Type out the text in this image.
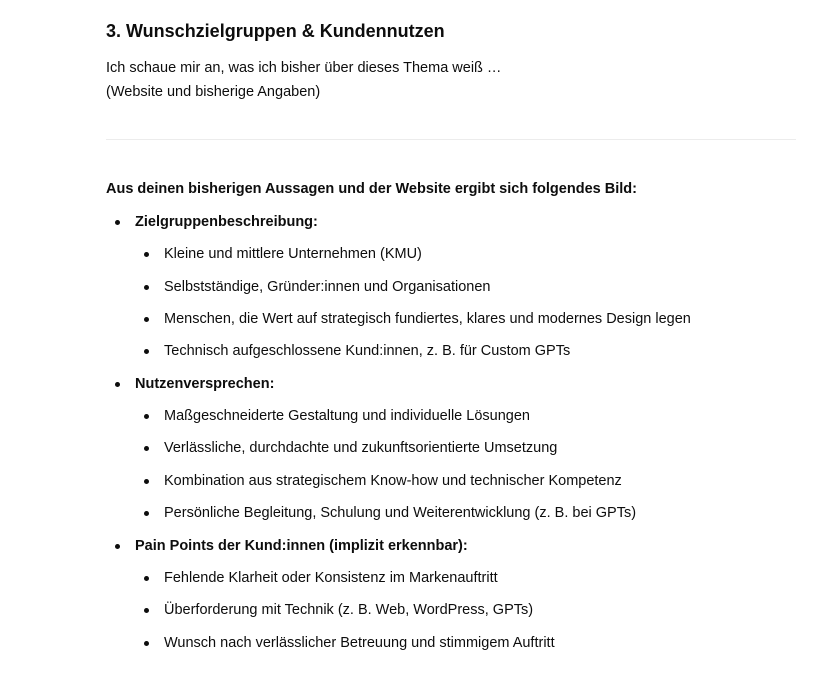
3. Wunschzielgruppen & Kundennutzen
Ich schaue mir an, was ich bisher über dieses Thema weiß …
(Website und bisherige Angaben)
Aus deinen bisherigen Aussagen und der Website ergibt sich folgendes Bild:
Zielgruppenbeschreibung:
Kleine und mittlere Unternehmen (KMU)
Selbstständige, Gründer:innen und Organisationen
Menschen, die Wert auf strategisch fundiertes, klares und modernes Design legen
Technisch aufgeschlossene Kund:innen, z. B. für Custom GPTs
Nutzenversprechen:
Maßgeschneiderte Gestaltung und individuelle Lösungen
Verlässliche, durchdachte und zukunftsorientierte Umsetzung
Kombination aus strategischem Know-how und technischer Kompetenz
Persönliche Begleitung, Schulung und Weiterentwicklung (z. B. bei GPTs)
Pain Points der Kund:innen (implizit erkennbar):
Fehlende Klarheit oder Konsistenz im Markenauftritt
Überforderung mit Technik (z. B. Web, WordPress, GPTs)
Wunsch nach verlässlicher Betreuung und stimmigem Auftritt
